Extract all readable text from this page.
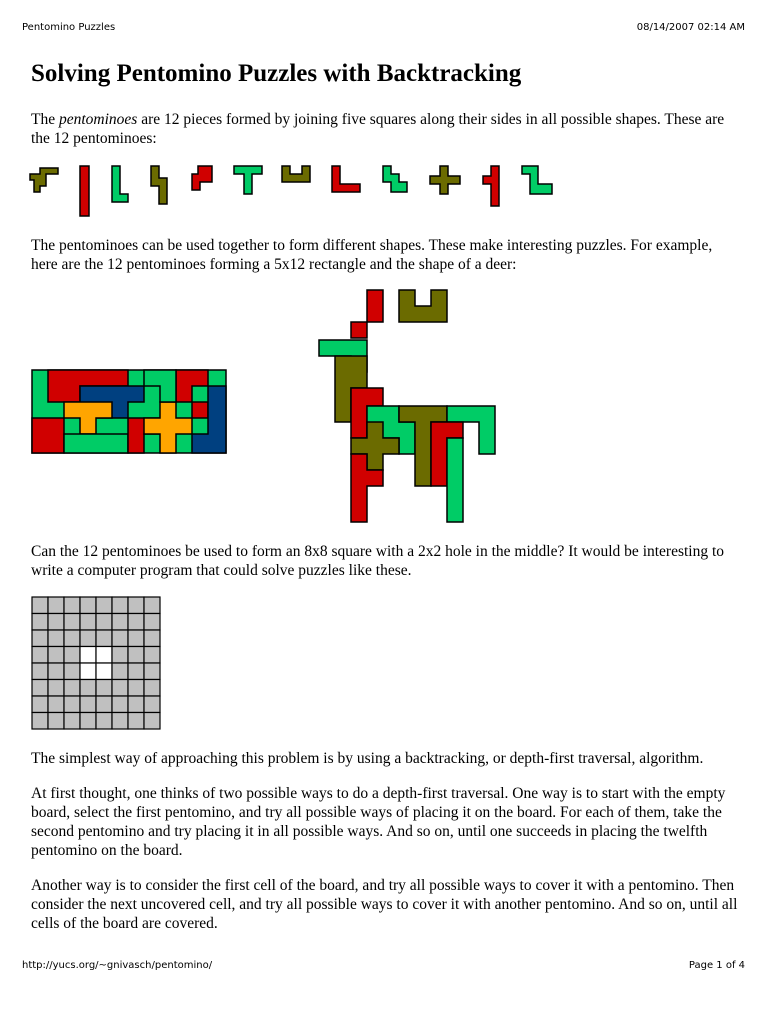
Pentomino Puzzles	08/14/2007 02:14 AM
Solving Pentomino Puzzles with Backtracking

The pentominoes are 12 pieces formed by joining five squares along their sides in all possible shapes. These are the 12 pentominoes:

The pentominoes can be used together to form different shapes. These make interesting puzzles. For example, here are the 12 pentominoes forming a 5x12 rectangle and the shape of a deer:

Can the 12 pentominoes be used to form an 8x8 square with a 2x2 hole in the middle? It would be interesting to write a computer program that could solve puzzles like these.

The simplest way of approaching this problem is by using a backtracking, or depth-first traversal, algorithm.

At first thought, one thinks of two possible ways to do a depth-first traversal. One way is to start with the empty board, select the first pentomino, and try all possible ways of placing it on the board. For each of them, take the second pentomino and try placing it in all possible ways. And so on, until one succeeds in placing the twelfth pentomino on the board.

Another way is to consider the first cell of the board, and try all possible ways to cover it with a pentomino. Then consider the next uncovered cell, and try all possible ways to cover it with another pentomino. And so on, until all cells of the board are covered.

http://yucs.org/~gnivasch/pentomino/	Page 1 of 4
